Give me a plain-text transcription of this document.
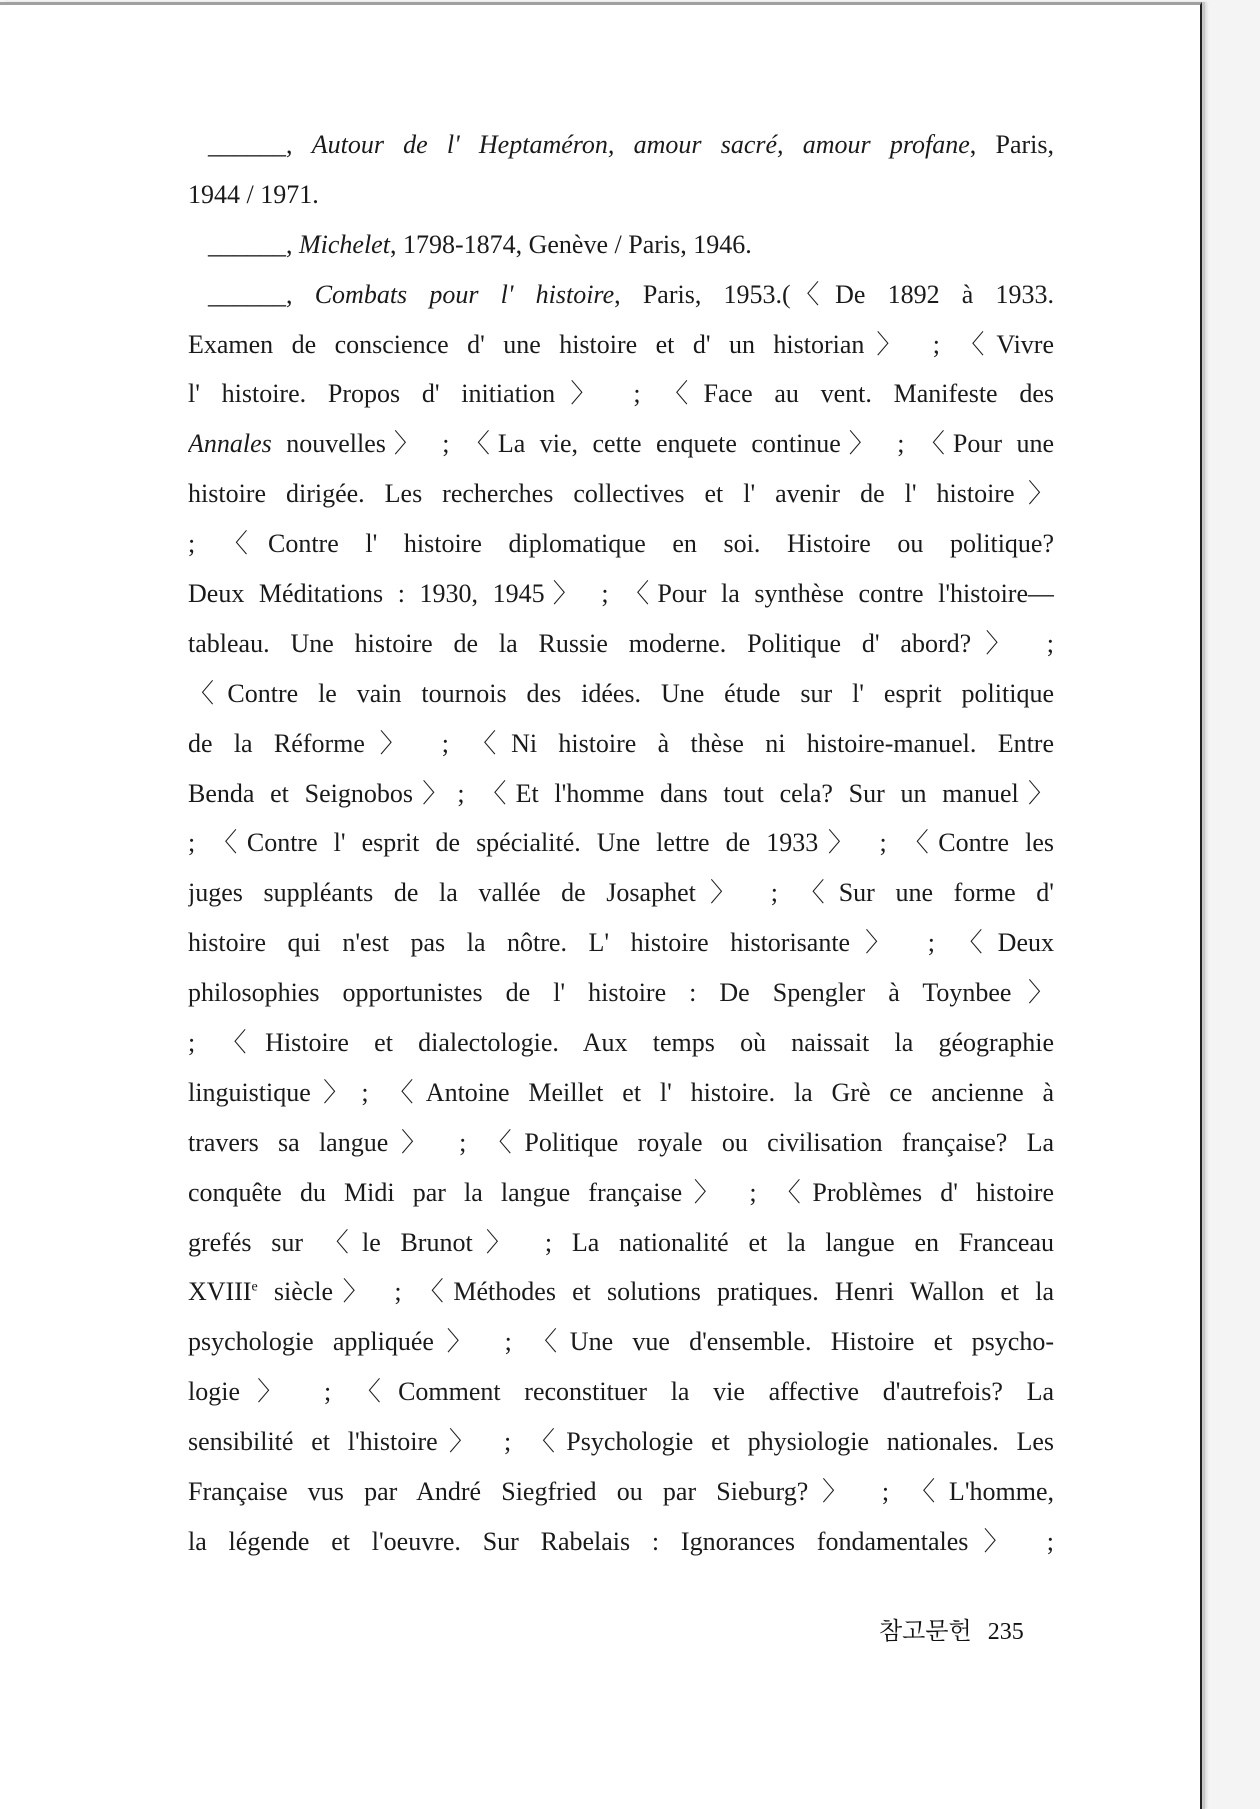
______, Autour de l' Heptaméron, amour sacré, amour profane, Paris,
1944 / 1971.
______, Michelet, 1798-1874, Genève / Paris, 1946.
______, Combats pour l' histoire, Paris, 1953.(〈De 1892 à 1933.
Examen de conscience d' une histoire et d' un historian〉 ; 〈Vivre
l' histoire. Propos d' initiation〉 ; 〈Face au vent. Manifeste des
Annales nouvelles〉 ; 〈La vie, cette enquete continue〉 ; 〈Pour une
histoire dirigée. Les recherches collectives et l' avenir de l' histoire〉
; 〈Contre l' histoire diplomatique en soi. Histoire ou politique?
Deux Méditations : 1930, 1945〉 ; 〈Pour la synthèse contre l'histoire—
tableau. Une histoire de la Russie moderne. Politique d' abord?〉 ;
〈Contre le vain tournois des idées. Une étude sur l' esprit politique
de la Réforme〉 ; 〈Ni histoire à thèse ni histoire-manuel. Entre
Benda et Seignobos〉; 〈Et l'homme dans tout cela? Sur un manuel〉
; 〈Contre l' esprit de spécialité. Une lettre de 1933〉 ; 〈Contre les
juges suppléants de la vallée de Josaphet〉 ; 〈Sur une forme d'
histoire qui n'est pas la nôtre. L' histoire historisante〉 ; 〈Deux
philosophies opportunistes de l' histoire : De Spengler à Toynbee〉
; 〈Histoire et dialectologie. Aux temps où naissait la géographie
linguistique〉; 〈Antoine Meillet et l' histoire. la Grè ce ancienne à
travers sa langue〉 ; 〈Politique royale ou civilisation française? La
conquête du Midi par la langue française〉 ; 〈Problèmes d' histoire
grefés sur 〈le Brunot〉 ; La nationalité et la langue en Franceau
XVIIIe siècle〉 ; 〈Méthodes et solutions pratiques. Henri Wallon et la
psychologie appliquée〉 ; 〈Une vue d'ensemble. Histoire et psycho-
logie〉 ; 〈Comment reconstituer la vie affective d'autrefois? La
sensibilité et l'histoire〉 ; 〈Psychologie et physiologie nationales. Les
Française vus par André Siegfried ou par Sieburg?〉 ; 〈L'homme,
la légende et l'oeuvre. Sur Rabelais : Ignorances fondamentales〉 ;
참고문헌 235
